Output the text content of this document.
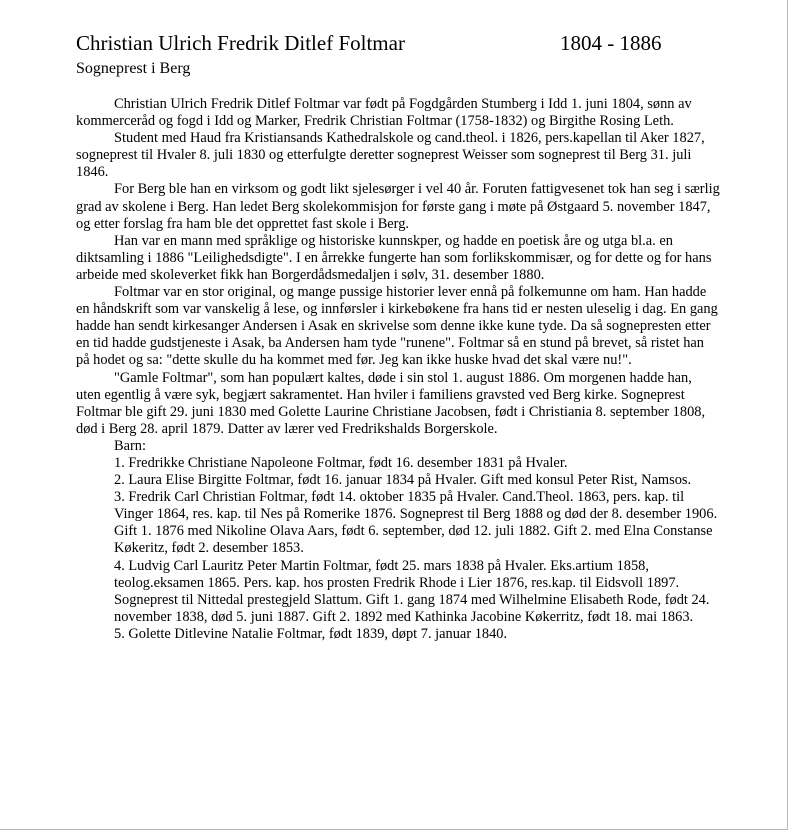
Christian Ulrich Fredrik Ditlef Foltmar	1804 - 1886
Sogneprest i Berg

Christian Ulrich Fredrik Ditlef Foltmar var født på Fogdgården Stumberg i Idd 1. juni 1804, sønn av kommerceråd og fogd i Idd og Marker, Fredrik Christian Foltmar (1758-1832) og Birgithe Rosing Leth.

Student med Haud fra Kristiansands Kathedralskole og cand.theol. i 1826, pers.kapellan til Aker 1827, sogneprest til Hvaler 8. juli 1830 og etterfulgte deretter sogneprest Weisser som sogneprest til Berg 31. juli 1846.

For Berg ble han en virksom og godt likt sjelesørger i vel 40 år. Foruten fattigvesenet tok han seg i særlig grad av skolene i Berg. Han ledet Berg skolekommisjon for første gang i møte på Østgaard 5. november 1847, og etter forslag fra ham ble det opprettet fast skole i Berg.

Han var en mann med språklige og historiske kunnskper, og hadde en poetisk åre og utga bl.a. en diktsamling i 1886 "Leilighedsdigte". I en årrekke fungerte han som forlikskommisær, og for dette og for hans arbeide med skoleverket fikk han Borgerdådsmedaljen i sølv, 31. desember 1880.

Foltmar var en stor original, og mange pussige historier lever ennå på folkemunne om ham. Han hadde en håndskrift som var vanskelig å lese, og innførsler i kirkebøkene fra hans tid er nesten uleselig i dag. En gang hadde han sendt kirkesanger Andersen i Asak en skrivelse som denne ikke kune tyde. Da så sognepresten etter en tid hadde gudstjeneste i Asak, ba Andersen ham tyde "runene". Foltmar så en stund på brevet, så ristet han på hodet og sa: "dette skulle du ha kommet med før. Jeg kan ikke huske hvad det skal være nu!".

"Gamle Foltmar", som han populært kaltes, døde i sin stol 1. august 1886. Om morgenen hadde han, uten egentlig å være syk, begjært sakramentet. Han hviler i familiens gravsted ved Berg kirke. Sogneprest Foltmar ble gift 29. juni 1830 med Golette Laurine Christiane Jacobsen, født i Christiania 8. september 1808, død i Berg 28. april 1879. Datter av lærer ved Fredrikshalds Borgerskole.

Barn:

1. Fredrikke Christiane Napoleone Foltmar, født 16. desember 1831 på Hvaler.
2. Laura Elise Birgitte Foltmar, født 16. januar 1834 på Hvaler. Gift med konsul Peter Rist, Namsos.
3. Fredrik Carl Christian Foltmar, født 14. oktober 1835 på Hvaler. Cand.Theol. 1863, pers. kap. til Vinger 1864, res. kap. til Nes på Romerike 1876. Sogneprest til Berg 1888 og død der 8. desember 1906. Gift 1. 1876 med Nikoline Olava Aars, født 6. september, død 12. juli 1882. Gift 2. med Elna Constanse Køkeritz, født 2. desember 1853.
4. Ludvig Carl Lauritz Peter Martin Foltmar, født 25. mars 1838 på Hvaler. Eks.artium 1858, teolog.eksamen 1865. Pers. kap. hos prosten Fredrik Rhode i Lier 1876, res.kap. til Eidsvoll 1897. Sogneprest til Nittedal prestegjeld Slattum. Gift 1. gang 1874 med Wilhelmine Elisabeth Rode, født 24. november 1838, død 5. juni 1887. Gift 2. 1892 med Kathinka Jacobine Køkerritz, født 18. mai 1863.
5. Golette Ditlevine Natalie Foltmar, født 1839, døpt 7. januar 1840.
